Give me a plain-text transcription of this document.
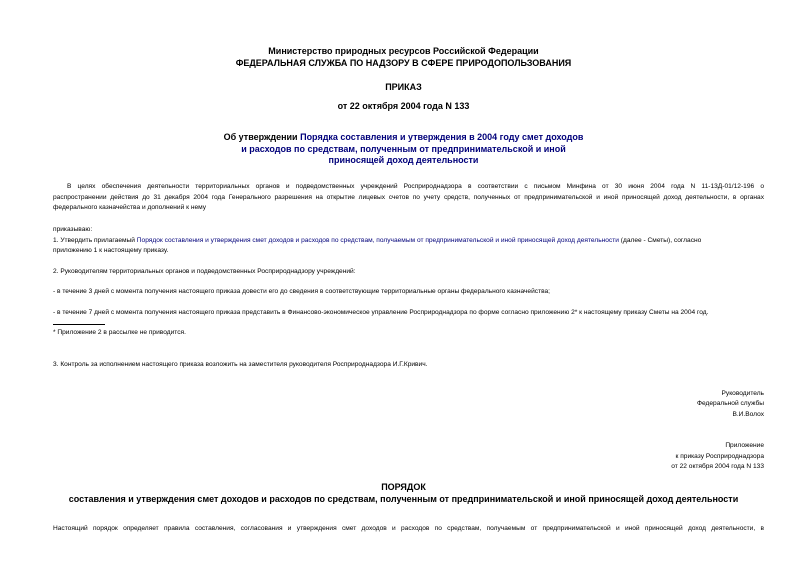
Министерство природных ресурсов Российской Федерации
ФЕДЕРАЛЬНАЯ СЛУЖБА ПО НАДЗОРУ В СФЕРЕ ПРИРОДОПОЛЬЗОВАНИЯ
ПРИКАЗ
от 22 октября 2004 года N 133
Об утверждении Порядка составления и утверждения в 2004 году смет доходов
и расходов по средствам, полученным от предпринимательской и иной
приносящей доход деятельности
В целях обеспечения деятельности территориальных органов и подведомственных учреждений Росприроднадзора в соответствии с письмом Минфина от 30 июня 2004 года N 11-13Д-01/12-196 о
распространении действия до 31 декабря 2004 года Генерального разрешения на открытие лицевых счетов по учету средств, полученных от предпринимательской и иной приносящей доход деятельности, в органах
федерального казначейства и дополнений к нему
приказываю:
1. Утвердить прилагаемый Порядок составления и утверждения смет доходов и расходов по средствам, получаемым от предпринимательской и иной приносящей доход деятельности (далее - Сметы), согласно
приложению 1 к настоящему приказу.
2. Руководителям территориальных органов и подведомственных Росприроднадзору учреждений:
- в течение 3 дней с момента получения настоящего приказа довести его до сведения в соответствующие территориальные органы федерального казначейства;
- в течение 7 дней с момента получения настоящего приказа представить в Финансово-экономическое управление Росприроднадзора по форме согласно приложению 2* к настоящему приказу Сметы на 2004 год.
* Приложение 2 в рассылке не приводится.
3. Контроль за исполнением настоящего приказа возложить на заместителя руководителя Росприроднадзора И.Г.Кривич.
Руководитель
Федеральной службы
В.И.Волох
Приложение
к приказу Росприроднадзора
от 22 октября 2004 года N 133
ПОРЯДОК
составления и утверждения смет доходов и расходов по средствам, полученным от предпринимательской и иной приносящей доход деятельности
Настоящий порядок определяет правила составления, согласования и утверждения смет доходов и расходов по средствам, получаемым от предпринимательской и иной приносящей доход деятельности, в
